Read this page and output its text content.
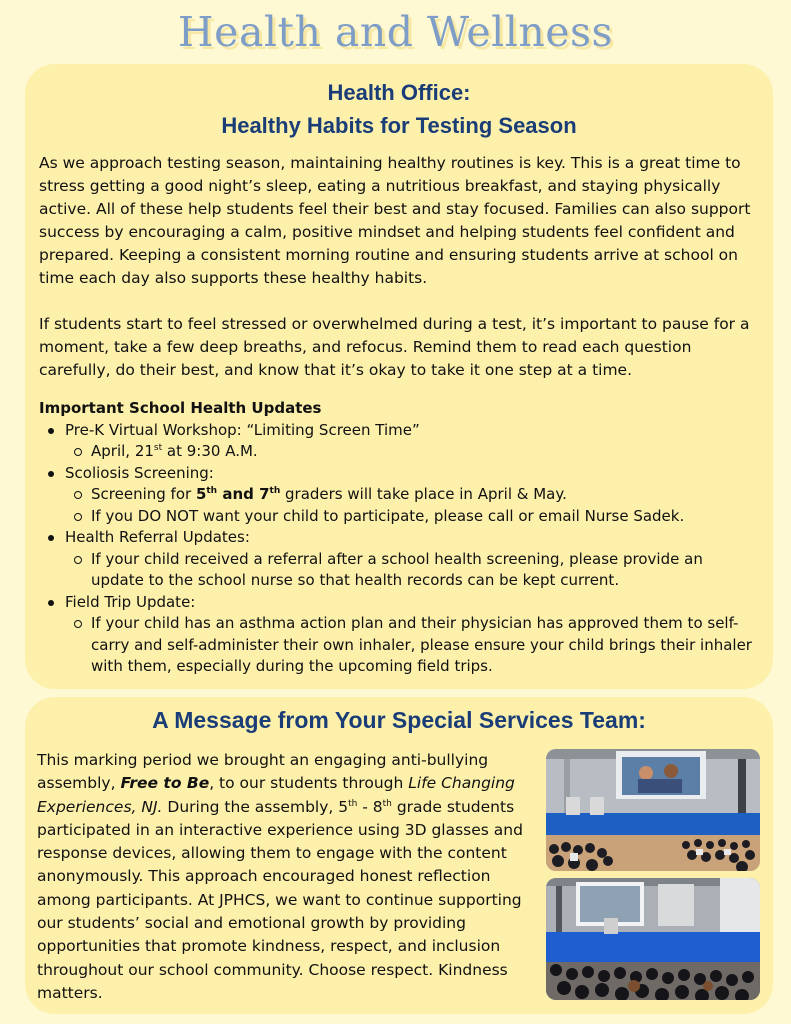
Health and Wellness
Health Office:
Healthy Habits for Testing Season

As we approach testing season, maintaining healthy routines is key. This is a great time to stress getting a good night’s sleep, eating a nutritious breakfast, and staying physically active. All of these help students feel their best and stay focused. Families can also support success by encouraging a calm, positive mindset and helping students feel confident and prepared. Keeping a consistent morning routine and ensuring students arrive at school on time each day also supports these healthy habits.

If students start to feel stressed or overwhelmed during a test, it’s important to pause for a moment, take a few deep breaths, and refocus. Remind them to read each question carefully, do their best, and know that it’s okay to take it one step at a time.

Important School Health Updates
Pre-K Virtual Workshop: “Limiting Screen Time”
April, 21st at 9:30 A.M.
Scoliosis Screening:
Screening for 5th and 7th graders will take place in April & May.
If you DO NOT want your child to participate, please call or email Nurse Sadek.
Health Referral Updates:
If your child received a referral after a school health screening, please provide an update to the school nurse so that health records can be kept current.
Field Trip Update:
If your child has an asthma action plan and their physician has approved them to self-carry and self-administer their own inhaler, please ensure your child brings their inhaler with them, especially during the upcoming field trips.
A Message from Your Special Services Team:

This marking period we brought an engaging anti-bullying assembly, Free to Be, to our students through Life Changing Experiences, NJ. During the assembly, 5th - 8th grade students participated in an interactive experience using 3D glasses and response devices, allowing them to engage with the content anonymously. This approach encouraged honest reflection among participants. At JPHCS, we want to continue supporting our students’ social and emotional growth by providing opportunities that promote kindness, respect, and inclusion throughout our school community. Choose respect. Kindness matters.
